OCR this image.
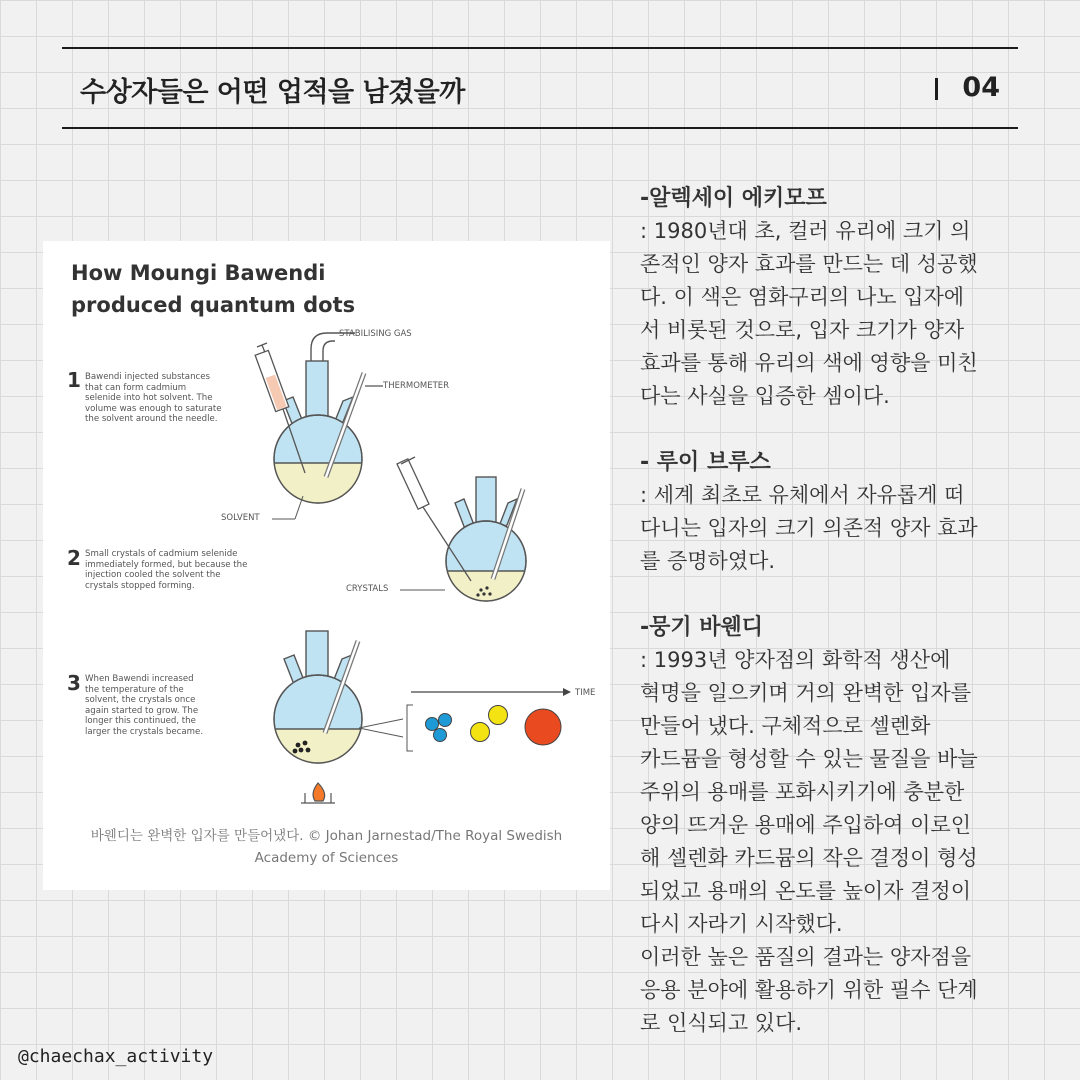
수상자들은 어떤 업적을 남겼을까	04
How Moungi Bawendi
produced quantum dots
1 Bawendi injected substances
that can form cadmium
selenide into hot solvent. The
volume was enough to saturate
the solvent around the needle.
2 Small crystals of cadmium selenide
immediately formed, but because the
injection cooled the solvent the
crystals stopped forming.
3 When Bawendi increased
the temperature of the
solvent, the crystals once
again started to grow. The
longer this continued, the
larger the crystals became.
STABILISING GAS
THERMOMETER
SOLVENT
CRYSTALS
TIME
바웬디는 완벽한 입자를 만들어냈다. © Johan Jarnestad/The Royal Swedish
Academy of Sciences

-알렉세이 에키모프

: 1980년대 초, 컬러 유리에 크기 의

존적인 양자 효과를 만드는 데 성공했

다. 이 색은 염화구리의 나노 입자에

서 비롯된 것으로, 입자 크기가 양자

효과를 통해 유리의 색에 영향을 미친

다는 사실을 입증한 셈이다.

- 루이 브루스

: 세계 최초로 유체에서 자유롭게 떠

다니는 입자의 크기 의존적 양자 효과

를 증명하였다.

-뭉기 바웬디

: 1993년 양자점의 화학적 생산에

혁명을 일으키며 거의 완벽한 입자를

만들어 냈다. 구체적으로 셀렌화

카드뮴을 형성할 수 있는 물질을 바늘

주위의 용매를 포화시키기에 충분한

양의 뜨거운 용매에 주입하여 이로인

해 셀렌화 카드뮴의 작은 결정이 형성

되었고 용매의 온도를 높이자 결정이

다시 자라기 시작했다.

이러한 높은 품질의 결과는 양자점을

응용 분야에 활용하기 위한 필수 단계

로 인식되고 있다.

@chaechax_activity
